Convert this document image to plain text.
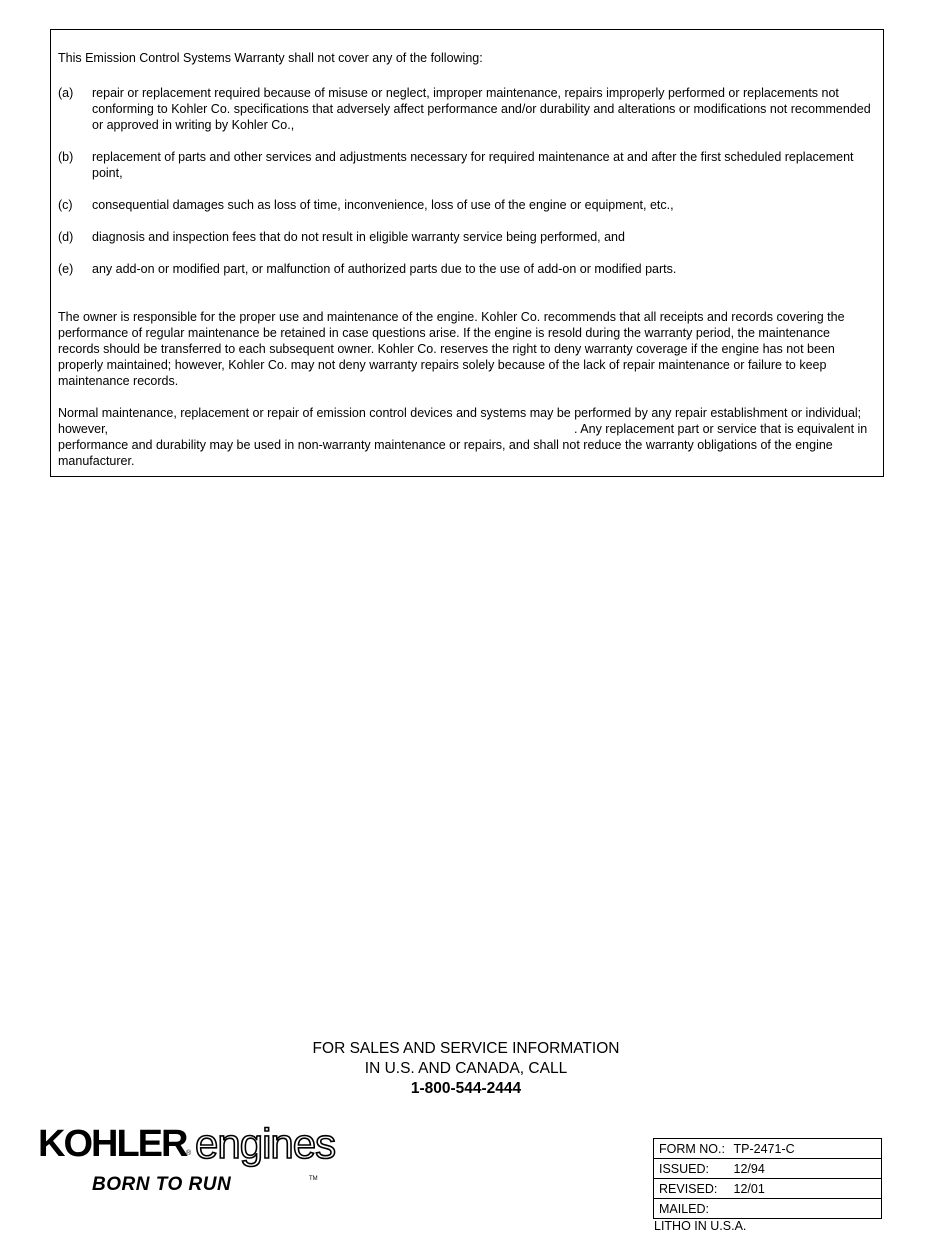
This Emission Control Systems Warranty shall not cover any of the following:

(a)	repair or replacement required because of misuse or neglect, improper maintenance, repairs improperly performed or replacements not conforming to Kohler Co. specifications that adversely affect performance and/or durability and alterations or modifications not recommended or approved in writing by Kohler Co.,
(b)	replacement of parts and other services and adjustments necessary for required maintenance at and after the first scheduled replacement point,
(c)	consequential damages such as loss of time, inconvenience, loss of use of the engine or equipment, etc.,
(d)	diagnosis and inspection fees that do not result in eligible warranty service being performed, and
(e)	any add-on or modified part, or malfunction of authorized parts due to the use of add-on or modified parts.

The owner is responsible for the proper use and maintenance of the engine. Kohler Co. recommends that all receipts and records covering the performance of regular maintenance be retained in case questions arise. If the engine is resold during the warranty period, the maintenance records should be transferred to each subsequent owner. Kohler Co. reserves the right to deny warranty coverage if the engine has not been properly maintained; however, Kohler Co. may not deny warranty repairs solely because of the lack of repair maintenance or failure to keep maintenance records.

Normal maintenance, replacement or repair of emission control devices and systems may be performed by any repair establishment or individual; however,	. Any replacement part or service that is equivalent in performance and durability may be used in non-warranty maintenance or repairs, and shall not reduce the warranty obligations of the engine manufacturer.

FOR SALES AND SERVICE INFORMATION
IN U.S. AND CANADA, CALL
1-800-544-2444
KOHLER ® engines
BORN TO RUN	TM
FORM NO.:	TP-2471-C
ISSUED:	12/94
REVISED:	12/01
MAILED:	
LITHO IN U.S.A.
